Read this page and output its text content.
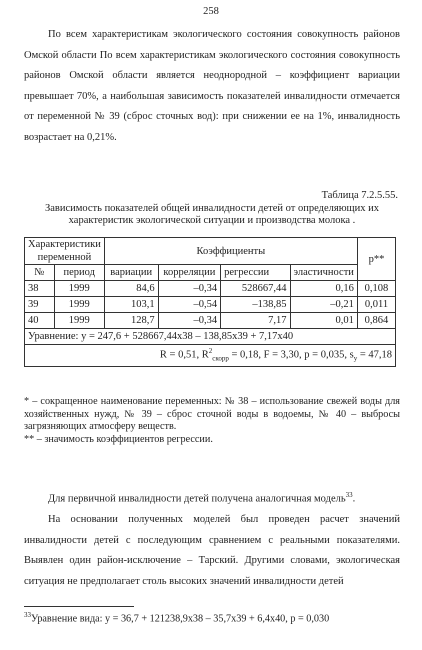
258
По всем характеристикам экологического состояния совокупность районов Омской области По всем характеристикам экологического состояния совокупность районов Омской области является неоднородной – коэффициент вариации превышает 70%, а наибольшая зависимость показателей инвалидности отмечается от переменной № 39 (сброс сточных вод): при снижении ее на 1%, инвалидность возрастает на 0,21%.
Таблица 7.2.5.55.
Зависимость показателей общей инвалидности детей от определяющих их характеристик экологической ситуации и производства молока .
Характеристики переменной		Коэффициенты				p**
№	период	вариации	корреляции	регрессии	эластичности	
38	1999	84,6	–0,34	528667,44	0,16	0,108
39	1999	103,1	–0,54	–138,85	–0,21	0,011
40	1999	128,7	–0,34	7,17	0,01	0,864
Уравнение: y = 247,6 + 528667,44х38 – 138,85х39 + 7,17х40						
R = 0,51, $R^2_{скорр} = 0,18$, F = 3,30, p = 0,035, $s_y = 47,18$						
* – сокращенное наименование переменных: № 38 – использование свежей воды для хозяйственных нужд, № 39 – сброс сточной воды в водоемы, № 40 – выбросы загрязняющих атмосферу веществ.
** – значимость коэффициентов регрессии.
Для первичной инвалидности детей получена аналогичная модель$^{33}$.
На основании полученных моделей был проведен расчет значений инвалидности детей с последующим сравнением с реальными показателями. Выявлен один район-исключение – Тарский. Другими словами, экологическая ситуация не предполагает столь высоких значений инвалидности детей
$^{33}$Уравнение вида: y = 36,7 + 121238,9х38 – 35,7х39 + 6,4х40, p = 0,030
